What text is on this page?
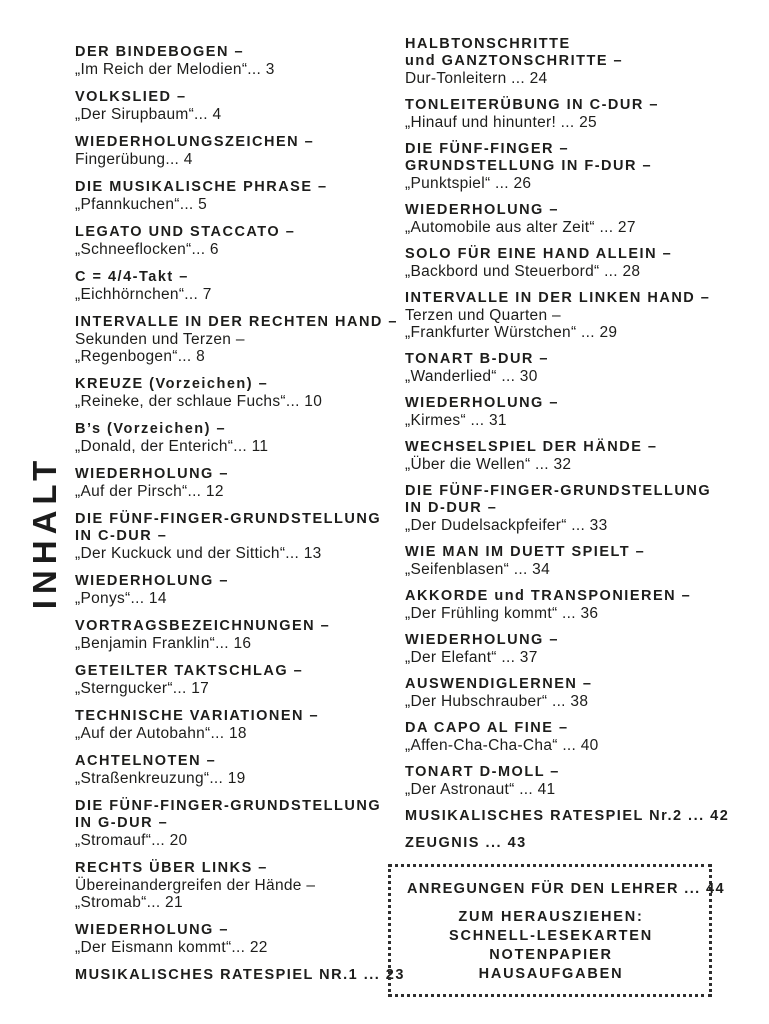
INHALT
DER BINDEBOGEN –
„Im Reich der Melodien“... 3
VOLKSLIED –
„Der Sirupbaum“... 4
WIEDERHOLUNGSZEICHEN –
Fingerübung... 4
DIE MUSIKALISCHE PHRASE –
„Pfannkuchen“... 5
LEGATO UND STACCATO –
„Schneeflocken“... 6
C = 4/4-Takt –
„Eichhörnchen“... 7
INTERVALLE IN DER RECHTEN HAND –
Sekunden und Terzen –
„Regenbogen“... 8
KREUZE (Vorzeichen) –
„Reineke, der schlaue Fuchs“... 10
B’s (Vorzeichen) –
„Donald, der Enterich“... 11
WIEDERHOLUNG –
„Auf der Pirsch“... 12
DIE FÜNF-FINGER-GRUNDSTELLUNG
IN C-DUR –
„Der Kuckuck und der Sittich“... 13
WIEDERHOLUNG –
„Ponys“... 14
VORTRAGSBEZEICHNUNGEN –
„Benjamin Franklin“... 16
GETEILTER TAKTSCHLAG –
„Sterngucker“... 17
TECHNISCHE VARIATIONEN –
„Auf der Autobahn“... 18
ACHTELNOTEN –
„Straßenkreuzung“... 19
DIE FÜNF-FINGER-GRUNDSTELLUNG
IN G-DUR –
„Stromauf“... 20
RECHTS ÜBER LINKS –
Übereinandergreifen der Hände –
„Stromab“... 21
WIEDERHOLUNG –
„Der Eismann kommt“... 22
MUSIKALISCHES RATESPIEL NR.1 ... 23
HALBTONSCHRITTE
und GANZTONSCHRITTE –
Dur-Tonleitern ... 24
TONLEITERÜBUNG IN C-DUR –
„Hinauf und hinunter! ... 25
DIE FÜNF-FINGER –
GRUNDSTELLUNG IN F-DUR –
„Punktspiel“ ... 26
WIEDERHOLUNG –
„Automobile aus alter Zeit“ ... 27
SOLO FÜR EINE HAND ALLEIN –
„Backbord und Steuerbord“ ... 28
INTERVALLE IN DER LINKEN HAND –
Terzen und Quarten –
„Frankfurter Würstchen“ ... 29
TONART B-DUR –
„Wanderlied“ ... 30
WIEDERHOLUNG –
„Kirmes“ ... 31
WECHSELSPIEL DER HÄNDE –
„Über die Wellen“ ... 32
DIE FÜNF-FINGER-GRUNDSTELLUNG
IN D-DUR –
„Der Dudelsackpfeifer“ ... 33
WIE MAN IM DUETT SPIELT –
„Seifenblasen“ ... 34
AKKORDE und TRANSPONIEREN –
„Der Frühling kommt“ ... 36
WIEDERHOLUNG –
„Der Elefant“ ... 37
AUSWENDIGLERNEN –
„Der Hubschrauber“ ... 38
DA CAPO AL FINE –
„Affen-Cha-Cha-Cha“ ... 40
TONART D-MOLL –
„Der Astronaut“ ... 41
MUSIKALISCHES RATESPIEL Nr.2 ... 42
ZEUGNIS ... 43
ANREGUNGEN FÜR DEN LEHRER ... 44
ZUM HERAUSZIEHEN:
SCHNELL-LESEKARTEN
NOTENPAPIER
HAUSAUFGABEN
